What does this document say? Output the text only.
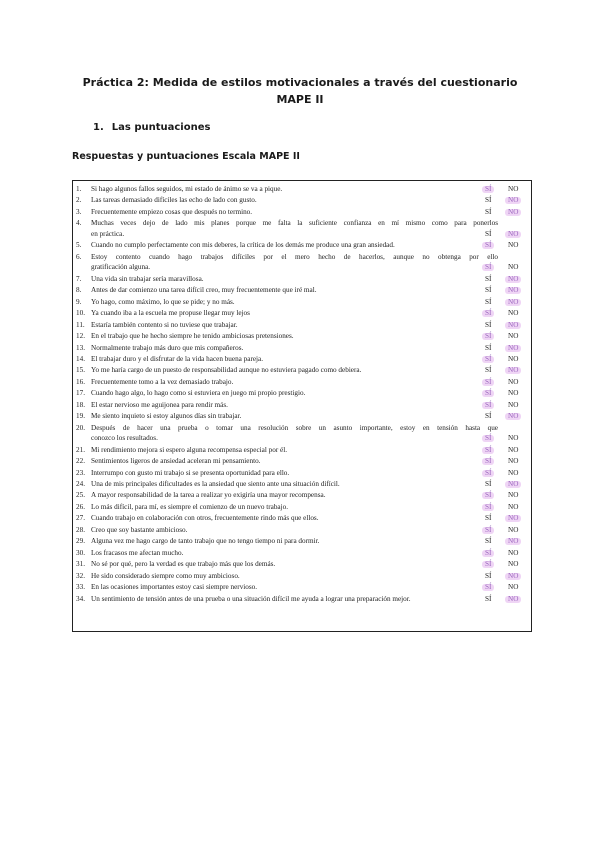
Práctica 2: Medida de estilos motivacionales a través del cuestionario
MAPE II
1. Las puntuaciones
Respuestas y puntuaciones Escala MAPE II
1. Si hago algunos fallos seguidos, mi estado de ánimo se va a pique.	SÍ NO
2. Las tareas demasiado difíciles las echo de lado con gusto.	SÍ NO
3. Frecuentemente empiezo cosas que después no termino.	SÍ NO
4. Muchas veces dejo de lado mis planes porque me falta la suficiente confianza en mí mismo como para ponerlos
en práctica.	SÍ NO
5. Cuando no cumplo perfectamente con mis deberes, la crítica de los demás me produce una gran ansiedad.	SÍ NO
6. Estoy contento cuando hago trabajos difíciles por el mero hecho de hacerlos, aunque no obtenga por ello
gratificación alguna.	SÍ NO
7. Una vida sin trabajar sería maravillosa.	SÍ NO
8. Antes de dar comienzo una tarea difícil creo, muy frecuentemente que iré mal.	SÍ NO
9. Yo hago, como máximo, lo que se pide; y no más.	SÍ NO
10. Ya cuando iba a la escuela me propuse llegar muy lejos	SÍ NO
11. Estaría también contento si no tuviese que trabajar.	SÍ NO
12. En el trabajo que he hecho siempre he tenido ambiciosas pretensiones.	SÍ NO
13. Normalmente trabajo más duro que mis compañeros.	SÍ NO
14. El trabajar duro y el disfrutar de la vida hacen buena pareja.	SÍ NO
15. Yo me haría cargo de un puesto de responsabilidad aunque no estuviera pagado como debiera.	SÍ NO
16. Frecuentemente tomo a la vez demasiado trabajo.	SÍ NO
17. Cuando hago algo, lo hago como si estuviera en juego mi propio prestigio.	SÍ NO
18. El estar nervioso me aguijonea para rendir más.	SÍ NO
19. Me siento inquieto si estoy algunos días sin trabajar.	SÍ NO
20. Después de hacer una prueba o tomar una resolución sobre un asunto importante, estoy en tensión hasta que
conozco los resultados.	SÍ NO
21. Mi rendimiento mejora si espero alguna recompensa especial por él.	SÍ NO
22. Sentimientos ligeros de ansiedad aceleran mi pensamiento.	SÍ NO
23. Interrumpo con gusto mi trabajo si se presenta oportunidad para ello.	SÍ NO
24. Una de mis principales dificultades es la ansiedad que siento ante una situación difícil.	SÍ NO
25. A mayor responsabilidad de la tarea a realizar yo exigiría una mayor recompensa.	SÍ NO
26. Lo más difícil, para mí, es siempre el comienzo de un nuevo trabajo.	SÍ NO
27. Cuando trabajo en colaboración con otros, frecuentemente rindo más que ellos.	SÍ NO
28. Creo que soy bastante ambicioso.	SÍ NO
29. Alguna vez me hago cargo de tanto trabajo que no tengo tiempo ni para dormir.	SÍ NO
30. Los fracasos me afectan mucho.	SÍ NO
31. No sé por qué, pero la verdad es que trabajo más que los demás.	SÍ NO
32. He sido considerado siempre como muy ambicioso.	SÍ NO
33. En las ocasiones importantes estoy casi siempre nervioso.	SÍ NO
34. Un sentimiento de tensión antes de una prueba o una situación difícil me ayuda a lograr una preparación mejor.	SÍ NO
